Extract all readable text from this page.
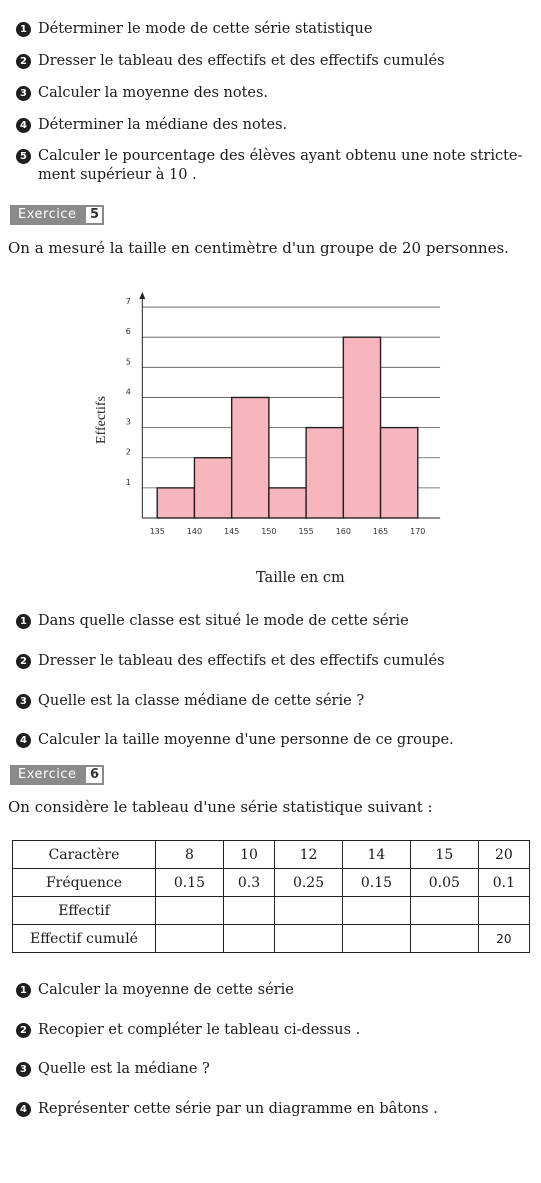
1 Déterminer le mode de cette série statistique
2 Dresser le tableau des effectifs et des effectifs cumulés
3 Calculer la moyenne des notes.
4 Déterminer la médiane des notes.
5 Calculer le pourcentage des élèves ayant obtenu une note stricte-ment supérieur à 10 .
Exercice	5
On a mesuré la taille en centimètre d'un groupe de 20 personnes.
1
2
3
4
5
6
7
135	140	145	150	155	160	165	170
Effectifs
Taille en cm
1 Dans quelle classe est situé le mode de cette série
2 Dresser le tableau des effectifs et des effectifs cumulés
3 Quelle est la classe médiane de cette série ?
4 Calculer la taille moyenne d'une personne de ce groupe.
Exercice	6
On considère le tableau d'une série statistique suivant :
Caractère	8	10	12	14	15	20
Fréquence	0.15	0.3	0.25	0.15	0.05	0.1
Effectif						
Effectif cumulé						20
1 Calculer la moyenne de cette série
2 Recopier et compléter le tableau ci-dessus .
3 Quelle est la médiane ?
4 Représenter cette série par un diagramme en bâtons .
